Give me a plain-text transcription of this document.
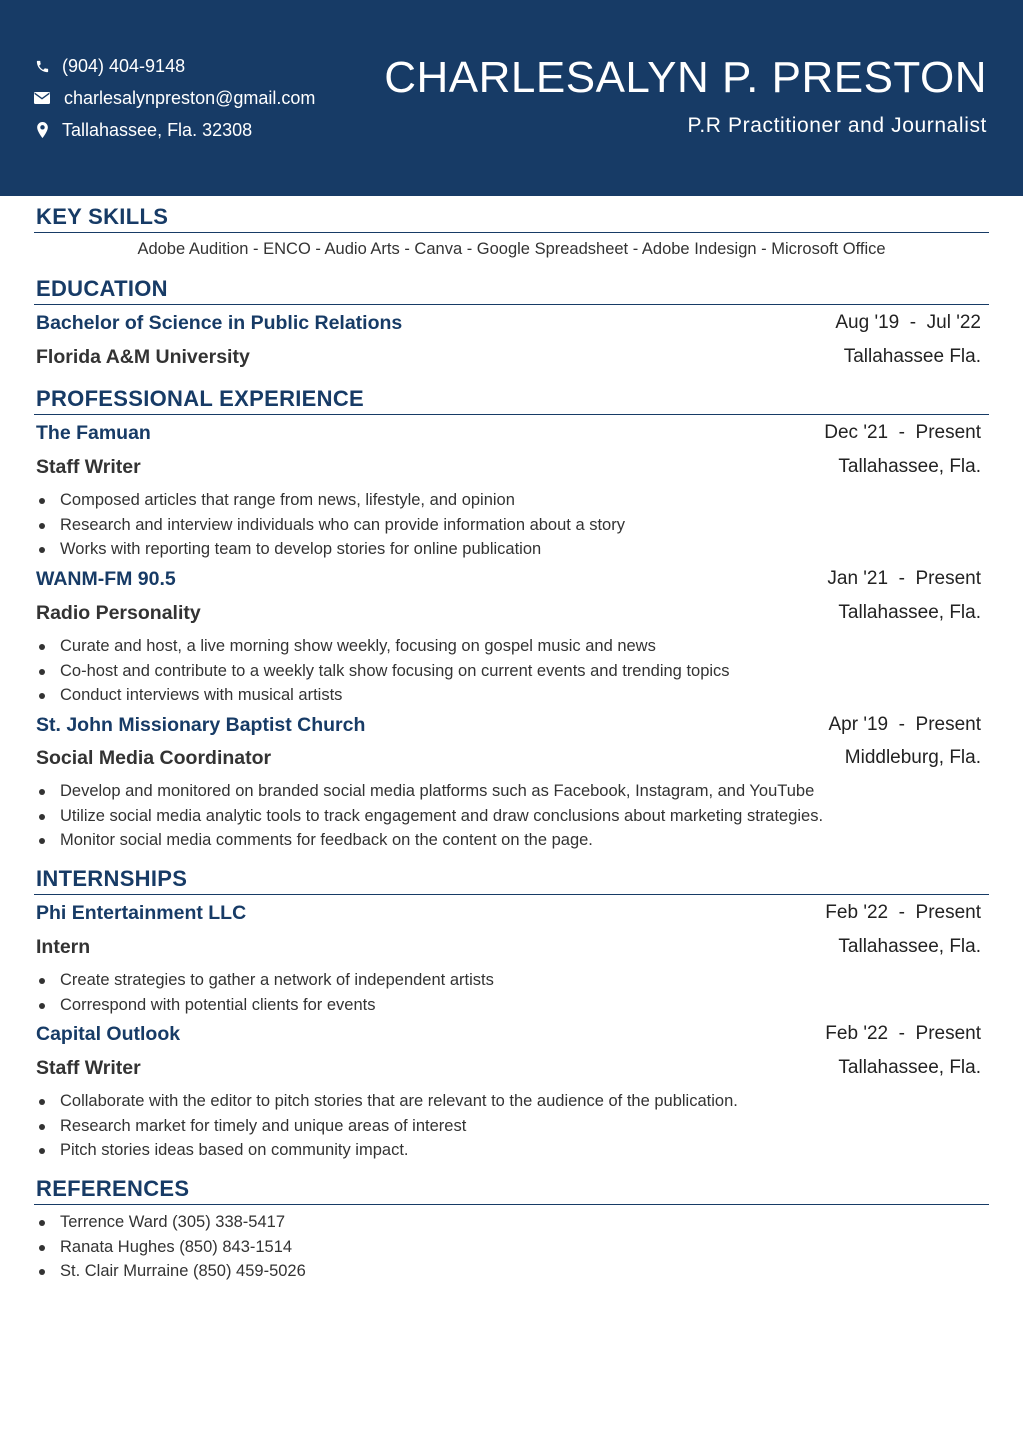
(904) 404-9148
charlesalynpreston@gmail.com
Tallahassee, Fla. 32308
CHARLESALYN P. PRESTON
P.R Practitioner and Journalist
KEY SKILLS
Adobe Audition - ENCO - Audio Arts - Canva - Google Spreadsheet - Adobe Indesign - Microsoft Office
EDUCATION
Bachelor of Science in Public Relations	Aug '19  -  Jul '22
Florida A&M University	Tallahassee Fla.
PROFESSIONAL EXPERIENCE
The Famuan	Dec '21  -  Present
Staff Writer	Tallahassee, Fla.
Composed articles that range from news, lifestyle, and opinion
Research and interview individuals who can provide information about a story
Works with reporting team to develop stories for online publication
WANM-FM 90.5	Jan '21  -  Present
Radio Personality	Tallahassee, Fla.
Curate and host, a live morning show weekly, focusing on gospel music and news
Co-host and contribute to a weekly talk show focusing on current events and trending topics
Conduct interviews with musical artists
St. John Missionary Baptist Church	Apr '19  -  Present
Social Media Coordinator	Middleburg, Fla.
Develop and monitored on branded social media platforms such as Facebook, Instagram, and YouTube
Utilize social media analytic tools to track engagement and draw conclusions about marketing strategies.
Monitor social media comments for feedback on the content on the page.
INTERNSHIPS
Phi Entertainment LLC	Feb '22  -  Present
Intern	Tallahassee, Fla.
Create strategies to gather a network of independent artists
Correspond with potential clients for events
Capital Outlook	Feb '22  -  Present
Staff Writer	Tallahassee, Fla.
Collaborate with the editor to pitch stories that are relevant to the audience of the publication.
Research market for timely and unique areas of interest
Pitch stories ideas based on community impact.
REFERENCES
Terrence Ward (305) 338-5417
Ranata Hughes (850) 843-1514
St. Clair Murraine (850) 459-5026
